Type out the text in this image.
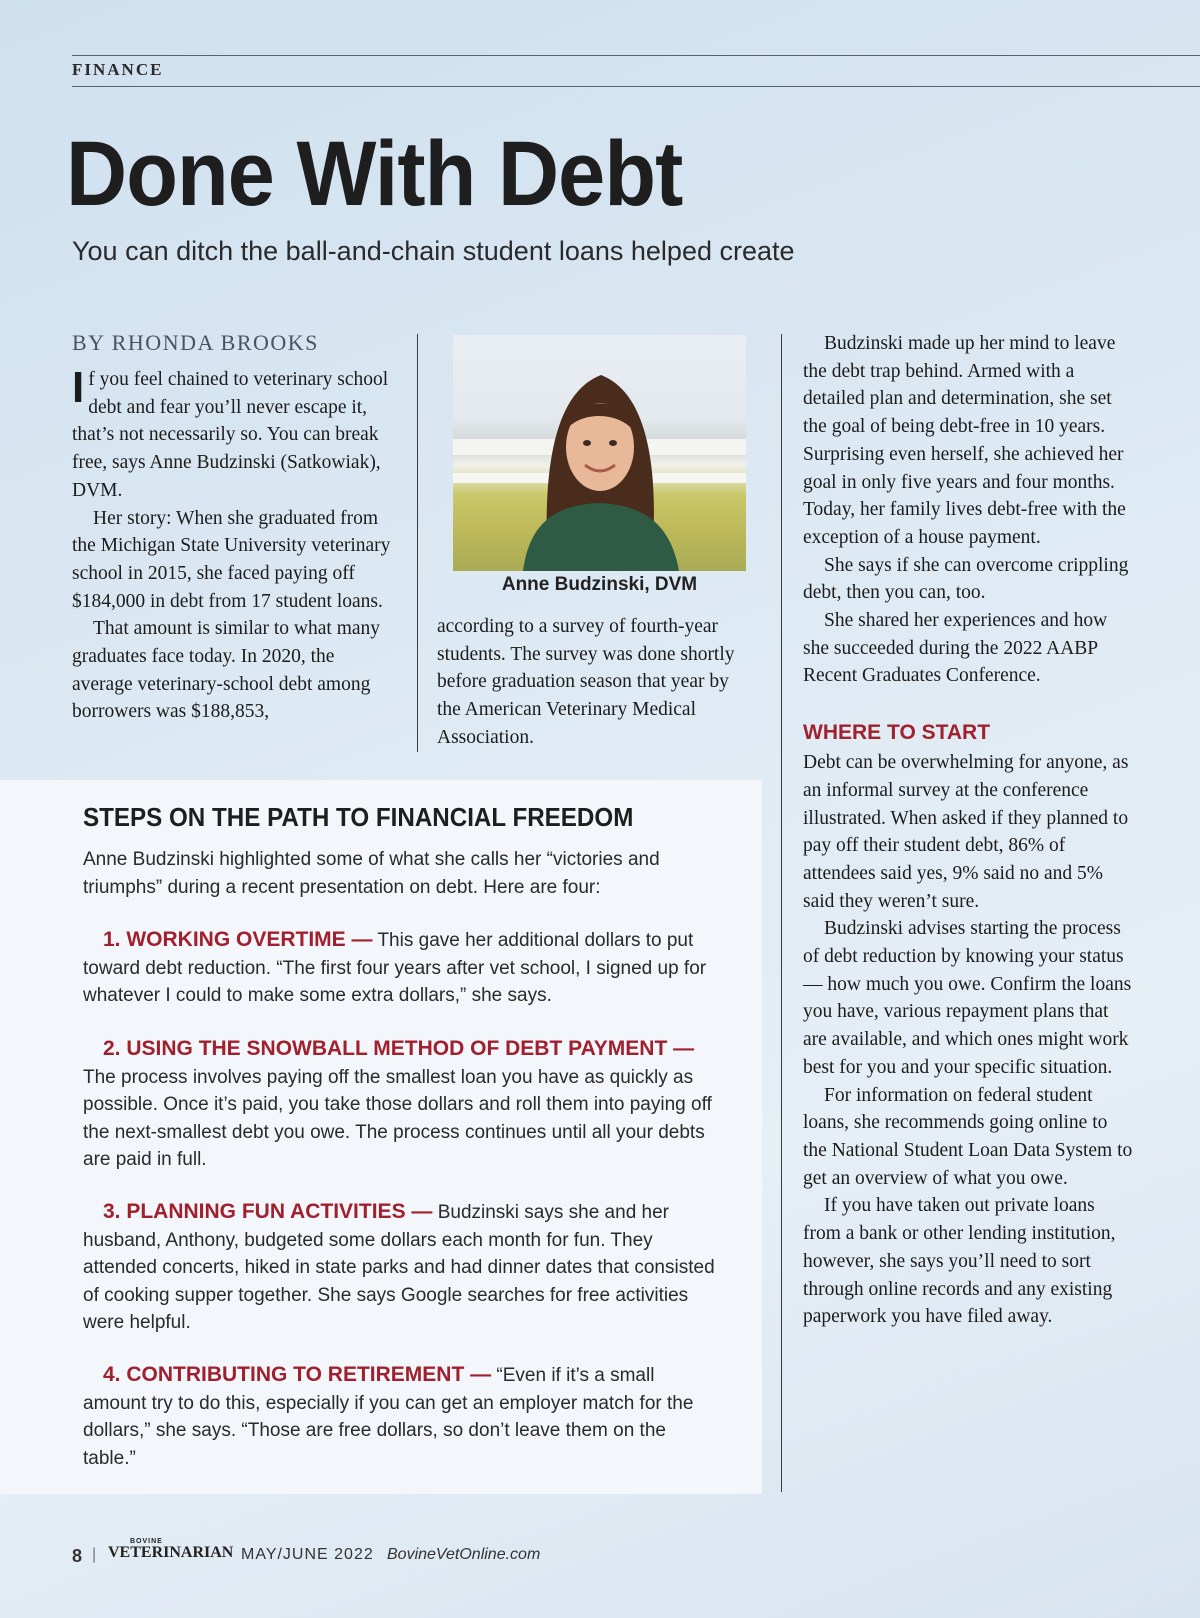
FINANCE
Done With Debt
You can ditch the ball-and-chain student loans helped create
BY RHONDA BROOKS

If you feel chained to veterinary school debt and fear you’ll never escape it, that’s not necessarily so. You can break free, says Anne Budzinski (Satkowiak), DVM.

Her story: When she graduated from the Michigan State University veterinary school in 2015, she faced paying off $184,000 in debt from 17 student loans.

That amount is similar to what many graduates face today. In 2020, the average veterinary-school debt among borrowers was $188,853,

Anne Budzinski, DVM

according to a survey of fourth-year students. The survey was done shortly before graduation season that year by the American Veterinary Medical Association.

Budzinski made up her mind to leave the debt trap behind. Armed with a detailed plan and determination, she set the goal of being debt-free in 10 years. Surprising even herself, she achieved her goal in only five years and four months. Today, her family lives debt-free with the exception of a house payment.

She says if she can overcome crippling debt, then you can, too.

She shared her experiences and how she succeeded during the 2022 AABP Recent Graduates Conference.

WHERE TO START

Debt can be overwhelming for anyone, as an informal survey at the conference illustrated. When asked if they planned to pay off their student debt, 86% of attendees said yes, 9% said no and 5% said they weren’t sure.

Budzinski advises starting the process of debt reduction by knowing your status — how much you owe. Confirm the loans you have, various repayment plans that are available, and which ones might work best for you and your specific situation.

For information on federal student loans, she recommends going online to the National Student Loan Data System to get an overview of what you owe.

If you have taken out private loans from a bank or other lending institution, however, she says you’ll need to sort through online records and any existing paperwork you have filed away.

STEPS ON THE PATH TO FINANCIAL FREEDOM
Anne Budzinski highlighted some of what she calls her “victories and triumphs” during a recent presentation on debt. Here are four:

1. WORKING OVERTIME — This gave her additional dollars to put toward debt reduction. “The first four years after vet school, I signed up for whatever I could to make some extra dollars,” she says.

2. USING THE SNOWBALL METHOD OF DEBT PAYMENT — The process involves paying off the smallest loan you have as quickly as possible. Once it’s paid, you take those dollars and roll them into paying off the next-smallest debt you owe. The process continues until all your debts are paid in full.

3. PLANNING FUN ACTIVITIES — Budzinski says she and her husband, Anthony, budgeted some dollars each month for fun. They attended concerts, hiked in state parks and had dinner dates that consisted of cooking supper together. She says Google searches for free activities were helpful.

4. CONTRIBUTING TO RETIREMENT — “Even if it’s a small amount try to do this, especially if you can get an employer match for the dollars,” she says. “Those are free dollars, so don’t leave them on the table.”

8 |
BOVINE
VETERINARIAN MAY/JUNE 2022 BovineVetOnline.com
